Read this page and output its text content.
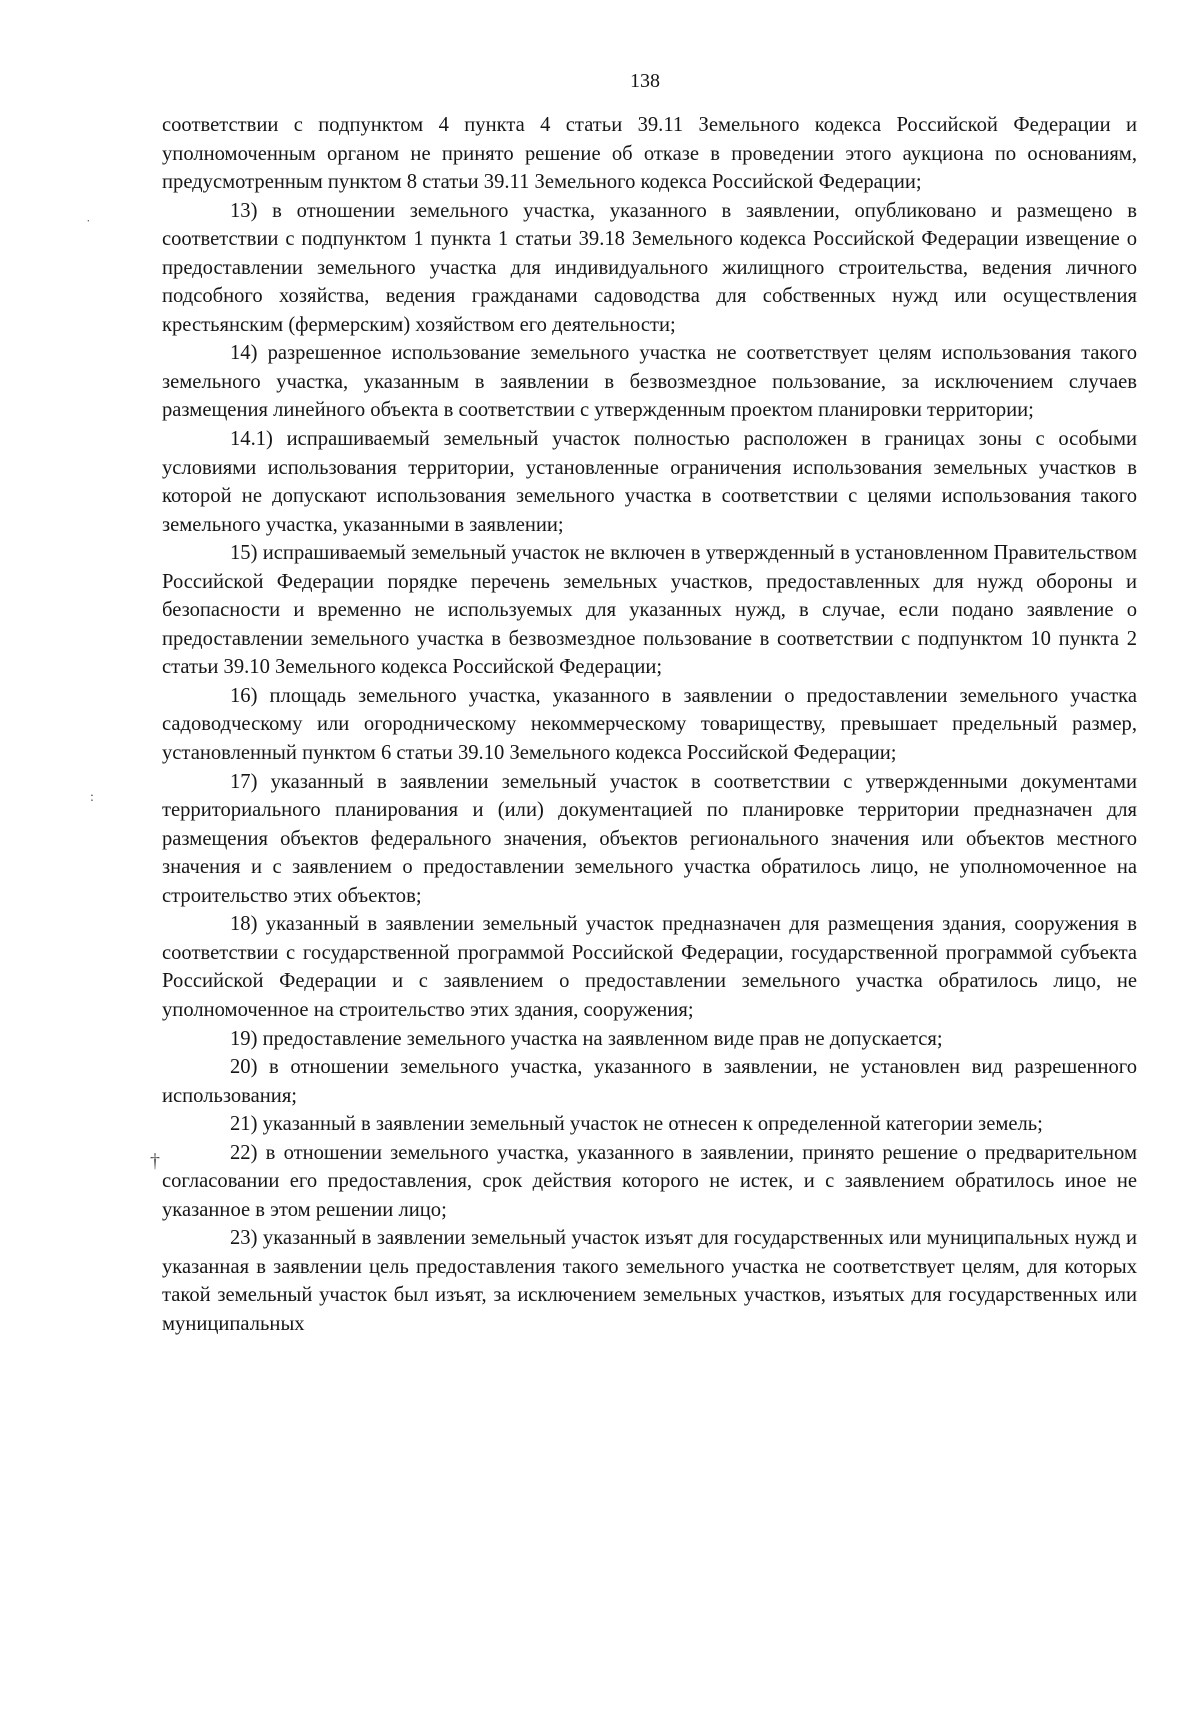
138
˙
:
†

соответствии с подпунктом 4 пункта 4 статьи 39.11 Земельного кодекса Российской Федерации и уполномоченным органом не принято решение об отказе в проведении этого аукциона по основаниям, предусмотренным пунктом 8 статьи 39.11 Земельного кодекса Российской Федерации;

13) в отношении земельного участка, указанного в заявлении, опубликовано и размещено в соответствии с подпунктом 1 пункта 1 статьи 39.18 Земельного кодекса Российской Федерации извещение о предоставлении земельного участка для индивидуального жилищного строительства, ведения личного подсобного хозяйства, ведения гражданами садоводства для собственных нужд или осуществления крестьянским (фермерским) хозяйством его деятельности;

14) разрешенное использование земельного участка не соответствует целям использования такого земельного участка, указанным в заявлении в безвозмездное пользование, за исключением случаев размещения линейного объекта в соответствии с утвержденным проектом планировки территории;

14.1) испрашиваемый земельный участок полностью расположен в границах зоны с особыми условиями использования территории, установленные ограничения использования земельных участков в которой не допускают использования земельного участка в соответствии с целями использования такого земельного участка, указанными в заявлении;

15) испрашиваемый земельный участок не включен в утвержденный в установленном Правительством Российской Федерации порядке перечень земельных участков, предоставленных для нужд обороны и безопасности и временно не используемых для указанных нужд, в случае, если подано заявление о предоставлении земельного участка в безвозмездное пользование в соответствии с подпунктом 10 пункта 2 статьи 39.10 Земельного кодекса Российской Федерации;

16) площадь земельного участка, указанного в заявлении о предоставлении земельного участка садоводческому или огородническому некоммерческому товариществу, превышает предельный размер, установленный пунктом 6 статьи 39.10 Земельного кодекса Российской Федерации;

17) указанный в заявлении земельный участок в соответствии с утвержденными документами территориального планирования и (или) документацией по планировке территории предназначен для размещения объектов федерального значения, объектов регионального значения или объектов местного значения и с заявлением о предоставлении земельного участка обратилось лицо, не уполномоченное на строительство этих объектов;

18) указанный в заявлении земельный участок предназначен для размещения здания, сооружения в соответствии с государственной программой Российской Федерации, государственной программой субъекта Российской Федерации и с заявлением о предоставлении земельного участка обратилось лицо, не уполномоченное на строительство этих здания, сооружения;

19) предоставление земельного участка на заявленном виде прав не допускается;

20) в отношении земельного участка, указанного в заявлении, не установлен вид разрешенного использования;

21) указанный в заявлении земельный участок не отнесен к определенной категории земель;

22) в отношении земельного участка, указанного в заявлении, принято решение о предварительном согласовании его предоставления, срок действия которого не истек, и с заявлением обратилось иное не указанное в этом решении лицо;

23) указанный в заявлении земельный участок изъят для государственных или муниципальных нужд и указанная в заявлении цель предоставления такого земельного участка не соответствует целям, для которых такой земельный участок был изъят, за исключением земельных участков, изъятых для государственных или муниципальных
